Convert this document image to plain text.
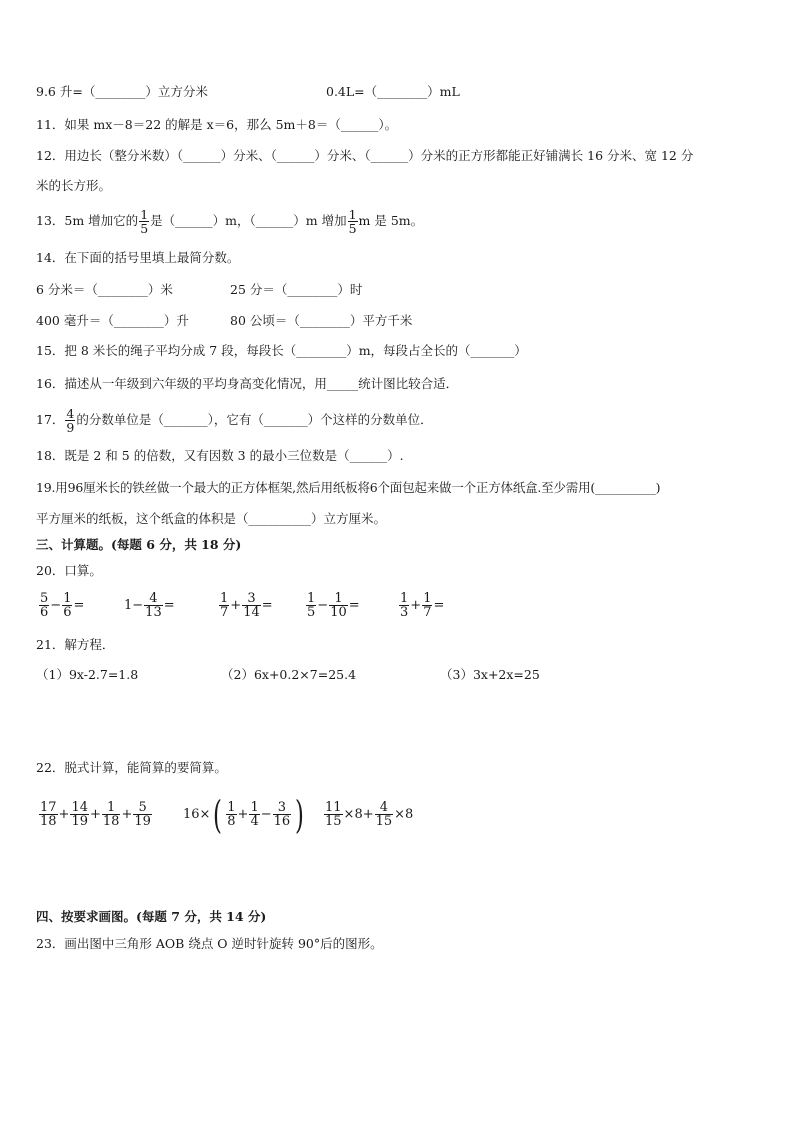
9.6 升=（________）立方分米	0.4L=（________）mL
11．如果 mx－8＝22 的解是 x＝6，那么 5m＋8＝（______）。
12．用边长（整分米数）（______）分米、（______）分米、（______）分米的正方形都能正好铺满长 16 分米、宽 12 分
米的长方形。
13．5m 增加它的 $\frac{1}{5}$ 是（______）m，（______）m 增加 $\frac{1}{5}$ m 是 5m。
14．在下面的括号里填上最简分数。
6 分米＝（________）米	25 分＝（________）时
400 毫升＝（________）升	80 公顷＝（________）平方千米
15．把 8 米长的绳子平均分成 7 段，每段长（________）m，每段占全长的（_______）
16．描述从一年级到六年级的平均身高变化情况，用_____统计图比较合适．
17． $\frac{4}{9}$ 的分数单位是（_______），它有（_______）个这样的分数单位．
18．既是 2 和 5 的倍数，又有因数 3 的最小三位数是（______）.
19.用96厘米长的铁丝做一个最大的正方体框架,然后用纸板将6个面包起来做一个正方体纸盒.至少需用(__________)
平方厘米的纸板，这个纸盒的体积是（__________）立方厘米。
三、计算题。(每题 6 分，共 18 分)
20．口算。
$\frac{5}{6} - \frac{1}{6}$ =	$1- \frac{4}{13}$ =	$\frac{1}{7} + \frac{3}{14}$ =	$\frac{1}{5} - \frac{1}{10}$ =	$\frac{1}{3} + \frac{1}{7}$ =
21．解方程．
（1）9x-2.7=1.8	（2）6x+0.2×7=25.4	（3）3x+2x=25
22．脱式计算，能简算的要简算。
$\frac{17}{18} + \frac{14}{19} + \frac{1}{18} + \frac{5}{19} 16\times( \frac{1}{8} + \frac{1}{4} - \frac{3}{16}$ ) $\frac{11}{15} \times 8+ \frac{4}{15} \times 8$
四、按要求画图。(每题 7 分，共 14 分)
23．画出图中三角形 AOB 绕点 O 逆时针旋转 90°后的图形。
